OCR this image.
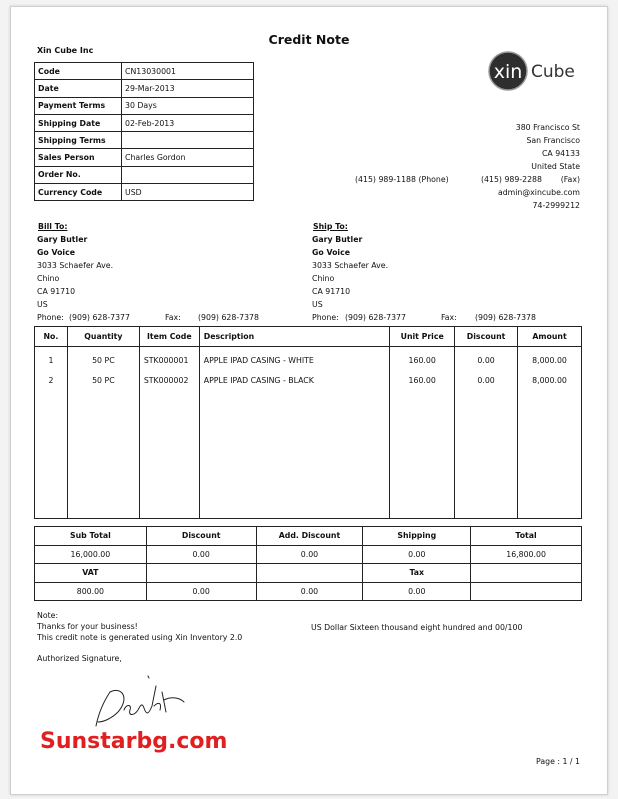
Credit Note
Xin Cube Inc
Code	CN13030001
Date	29-Mar-2013
Payment Terms	30 Days
Shipping Date	02-Feb-2013
Shipping Terms	
Sales Person	Charles Gordon
Order No.	
Currency Code	USD
xin Cube
380 Francisco St
San Francisco
CA 94133
United State
(415) 989-1188 (Phone)	(415) 989-2288 (Fax)
admin@xincube.com
74-2999212
Bill To:
Gary Butler
Go Voice
3033 Schaefer Ave.
Chino
CA 91710
US
Phone: (909) 628-7377	Fax: (909) 628-7378
Ship To:
Gary Butler
Go Voice
3033 Schaefer Ave.
Chino
CA 91710
US
Phone: (909) 628-7377	Fax: (909) 628-7378
No.	Quantity	Item Code	Description	Unit Price	Discount	Amount
1	50 PC	STK000001	APPLE IPAD CASING - WHITE	160.00	0.00	8,000.00
2	50 PC	STK000002	APPLE IPAD CASING - BLACK	160.00	0.00	8,000.00

Sub Total	Discount	Add. Discount	Shipping	Total
16,000.00	0.00	0.00	0.00	16,800.00
VAT			Tax	
800.00	0.00	0.00	0.00	
Note:
Thanks for your business!
This credit note is generated using Xin Inventory 2.0
US Dollar Sixteen thousand eight hundred and 00/100
Authorized Signature,
Sunstarbg.com
Page : 1 / 1
